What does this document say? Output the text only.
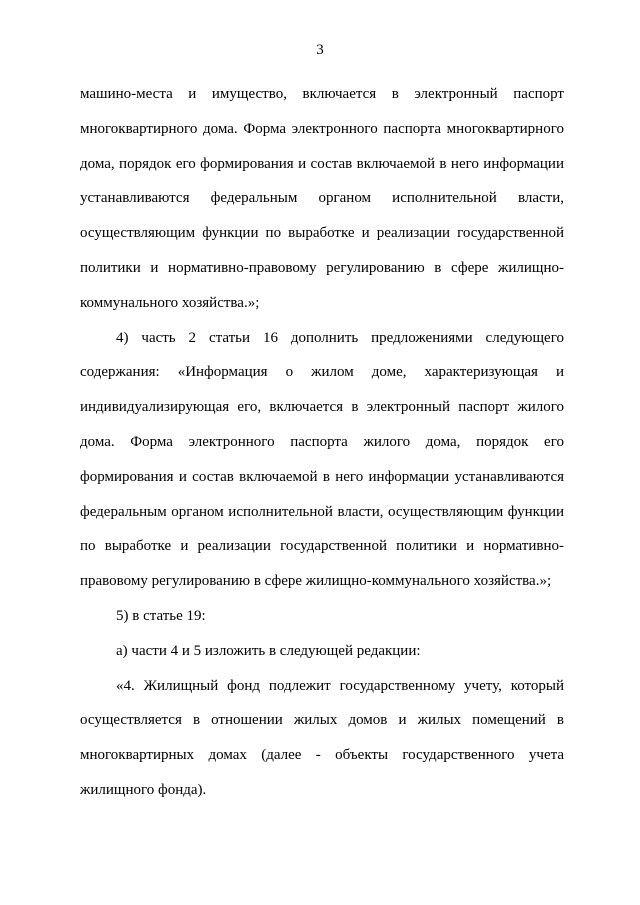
3

машино-места и имущество, включается в электронный паспорт
многоквартирного дома. Форма электронного паспорта многоквартирного
дома, порядок его формирования и состав включаемой в него информации
устанавливаются федеральным органом исполнительной власти,
осуществляющим функции по выработке и реализации государственной
политики и нормативно-правовому регулированию в сфере жилищно-
коммунального хозяйства.»;

4) часть 2 статьи 16 дополнить предложениями следующего
содержания: «Информация о жилом доме, характеризующая и
индивидуализирующая его, включается в электронный паспорт жилого
дома. Форма электронного паспорта жилого дома, порядок его
формирования и состав включаемой в него информации устанавливаются
федеральным органом исполнительной власти, осуществляющим функции
по выработке и реализации государственной политики и нормативно-
правовому регулированию в сфере жилищно-коммунального хозяйства.»;

5) в статье 19:

а) части 4 и 5 изложить в следующей редакции:

«4. Жилищный фонд подлежит государственному учету, который
осуществляется в отношении жилых домов и жилых помещений в
многоквартирных домах (далее - объекты государственного учета
жилищного фонда).
